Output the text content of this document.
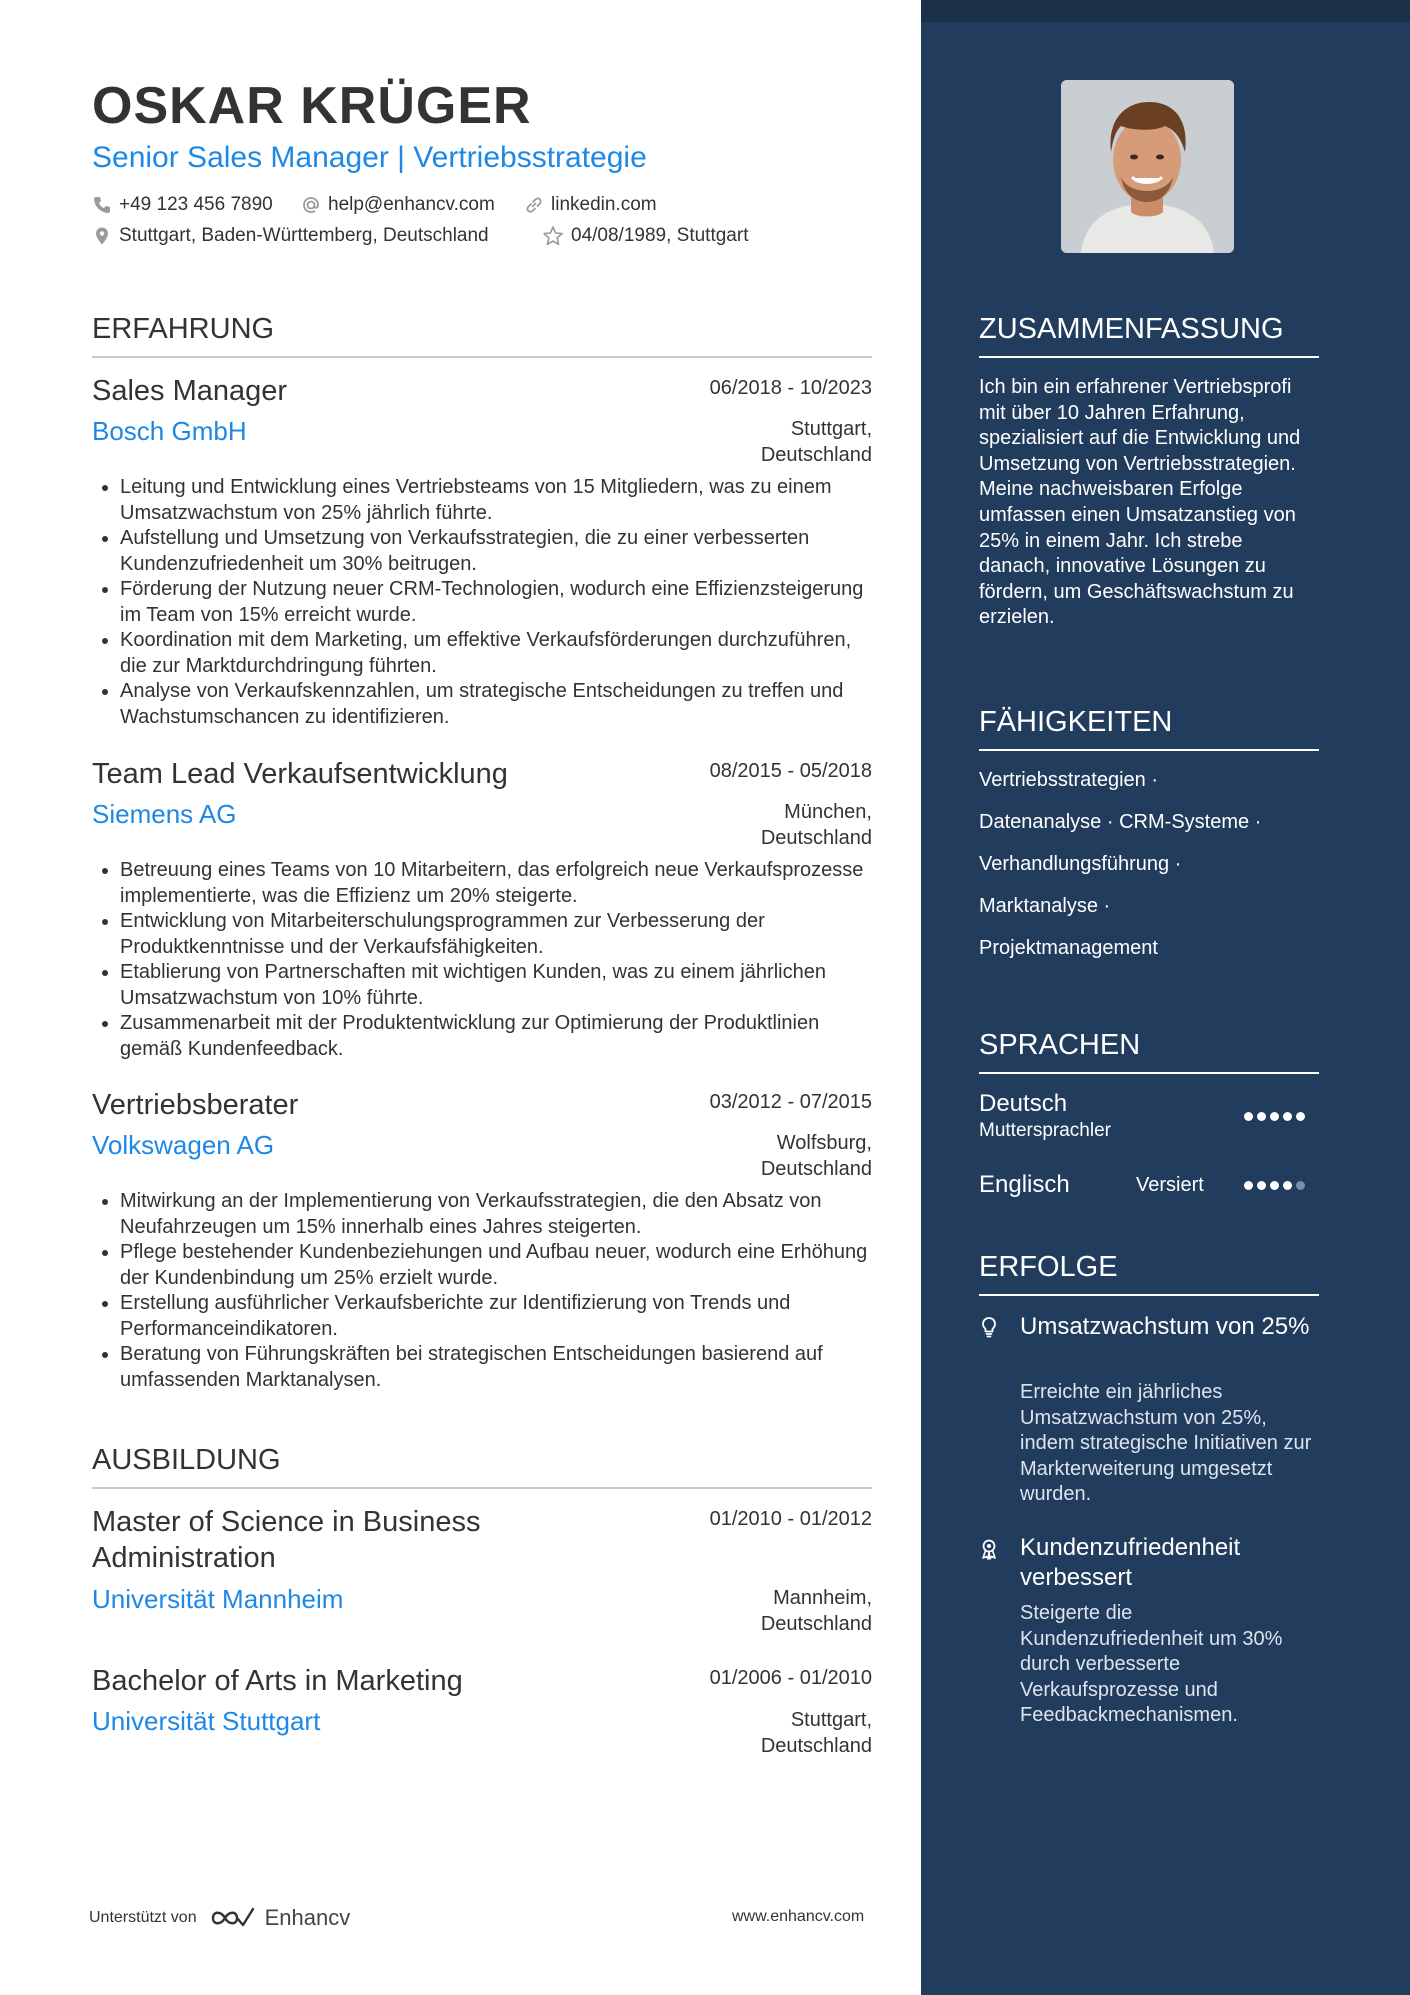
OSKAR KRÜGER
Senior Sales Manager | Vertriebsstrategie
+49 123 456 7890	help@enhancv.com	linkedin.com
Stuttgart, Baden-Württemberg, Deutschland	04/08/1989, Stuttgart
ERFAHRUNG
Sales Manager	06/2018 - 10/2023
Bosch GmbH	Stuttgart,
Deutschland
• Leitung und Entwicklung eines Vertriebsteams von 15 Mitgliedern, was zu einem Umsatzwachstum von 25% jährlich führte.
• Aufstellung und Umsetzung von Verkaufsstrategien, die zu einer verbesserten Kundenzufriedenheit um 30% beitrugen.
• Förderung der Nutzung neuer CRM-Technologien, wodurch eine Effizienzsteigerung im Team von 15% erreicht wurde.
• Koordination mit dem Marketing, um effektive Verkaufsförderungen durchzuführen, die zur Marktdurchdringung führten.
• Analyse von Verkaufskennzahlen, um strategische Entscheidungen zu treffen und Wachstumschancen zu identifizieren.
Team Lead Verkaufsentwicklung	08/2015 - 05/2018
Siemens AG	München,
Deutschland
• Betreuung eines Teams von 10 Mitarbeitern, das erfolgreich neue Verkaufsprozesse implementierte, was die Effizienz um 20% steigerte.
• Entwicklung von Mitarbeiterschulungsprogrammen zur Verbesserung der Produktkenntnisse und der Verkaufsfähigkeiten.
• Etablierung von Partnerschaften mit wichtigen Kunden, was zu einem jährlichen Umsatzwachstum von 10% führte.
• Zusammenarbeit mit der Produktentwicklung zur Optimierung der Produktlinien gemäß Kundenfeedback.
Vertriebsberater	03/2012 - 07/2015
Volkswagen AG	Wolfsburg,
Deutschland
• Mitwirkung an der Implementierung von Verkaufsstrategien, die den Absatz von Neufahrzeugen um 15% innerhalb eines Jahres steigerten.
• Pflege bestehender Kundenbeziehungen und Aufbau neuer, wodurch eine Erhöhung der Kundenbindung um 25% erzielt wurde.
• Erstellung ausführlicher Verkaufsberichte zur Identifizierung von Trends und Performanceindikatoren.
• Beratung von Führungskräften bei strategischen Entscheidungen basierend auf umfassenden Marktanalysen.
AUSBILDUNG
Master of Science in Business
Administration
01/2010 - 01/2012
Universität Mannheim	Mannheim,
Deutschland
Bachelor of Arts in Marketing	01/2006 - 01/2010
Universität Stuttgart	Stuttgart,
Deutschland
Unterstützt von	Enhancv	www.enhancv.com
ZUSAMMENFASSUNG
Ich bin ein erfahrener Vertriebsprofi mit über 10 Jahren Erfahrung, spezialisiert auf die Entwicklung und Umsetzung von Vertriebsstrategien. Meine nachweisbaren Erfolge umfassen einen Umsatzanstieg von 25% in einem Jahr. Ich strebe danach, innovative Lösungen zu fördern, um Geschäftswachstum zu erzielen.
FÄHIGKEITEN
Vertriebsstrategien ·
Datenanalyse · CRM-Systeme ·
Verhandlungsführung ·
Marktanalyse ·
Projektmanagement
SPRACHEN
Deutsch
Muttersprachler
Englisch	Versiert
ERFOLGE
Umsatzwachstum von 25%
Erreichte ein jährliches Umsatzwachstum von 25%, indem strategische Initiativen zur Markterweiterung umgesetzt wurden.
Kundenzufriedenheit verbessert
Steigerte die Kundenzufriedenheit um 30% durch verbesserte Verkaufsprozesse und Feedbackmechanismen.
